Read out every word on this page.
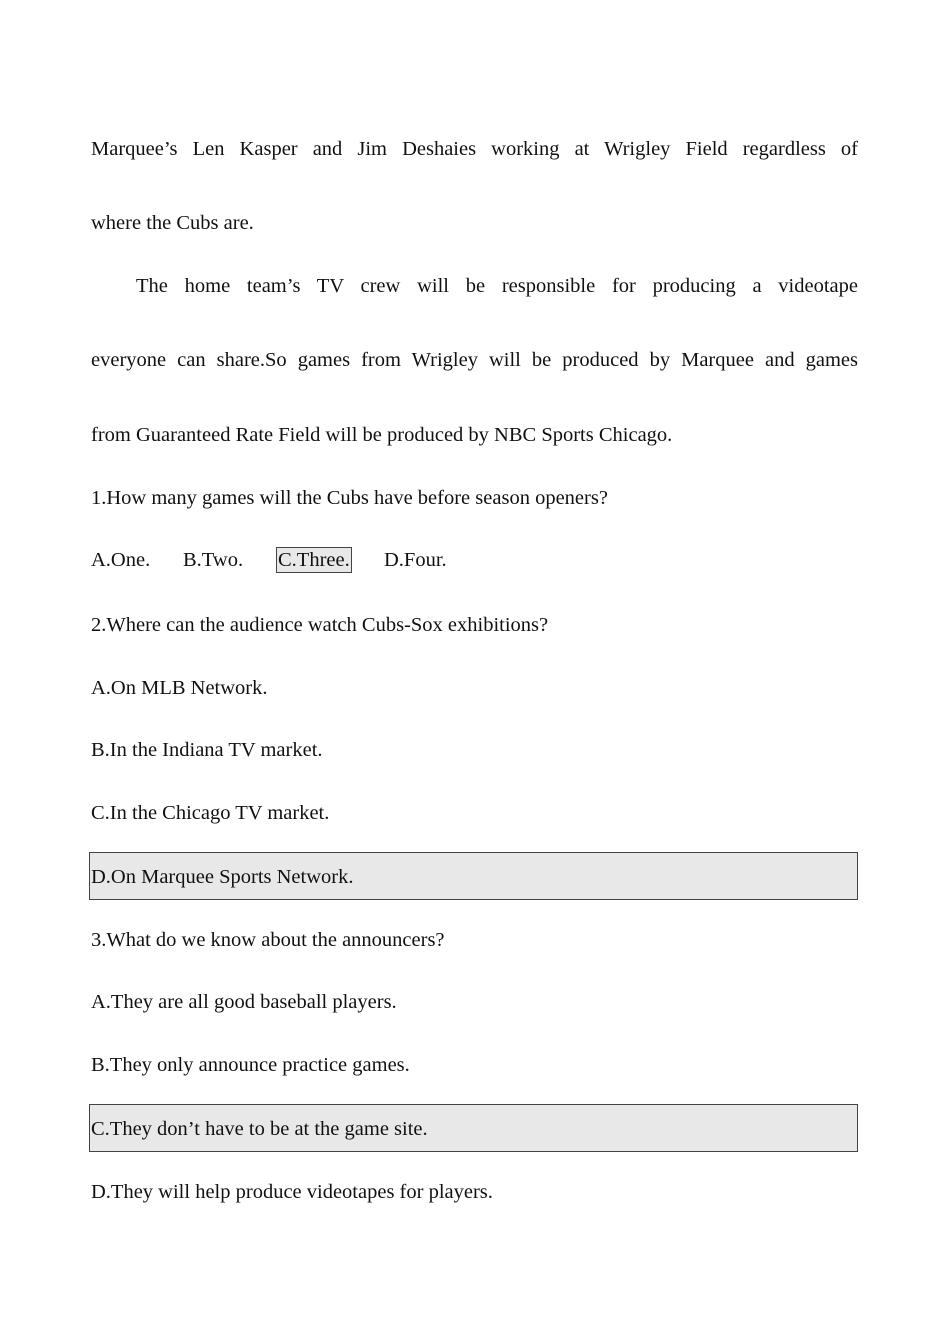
Marquee’s Len Kasper and Jim Deshaies working at Wrigley Field regardless of
where the Cubs are.
The home team’s TV crew will be responsible for producing a videotape
everyone can share.So games from Wrigley will be produced by Marquee and games
from Guaranteed Rate Field will be produced by NBC Sports Chicago.
1.How many games will the Cubs have before season openers?
A.One. B.Two. C.Three. D.Four.
2.Where can the audience watch Cubs-Sox exhibitions?
A.On MLB Network.
B.In the Indiana TV market.
C.In the Chicago TV market.
D.On Marquee Sports Network.
3.What do we know about the announcers?
A.They are all good baseball players.
B.They only announce practice games.
C.They don’t have to be at the game site.
D.They will help produce videotapes for players.
